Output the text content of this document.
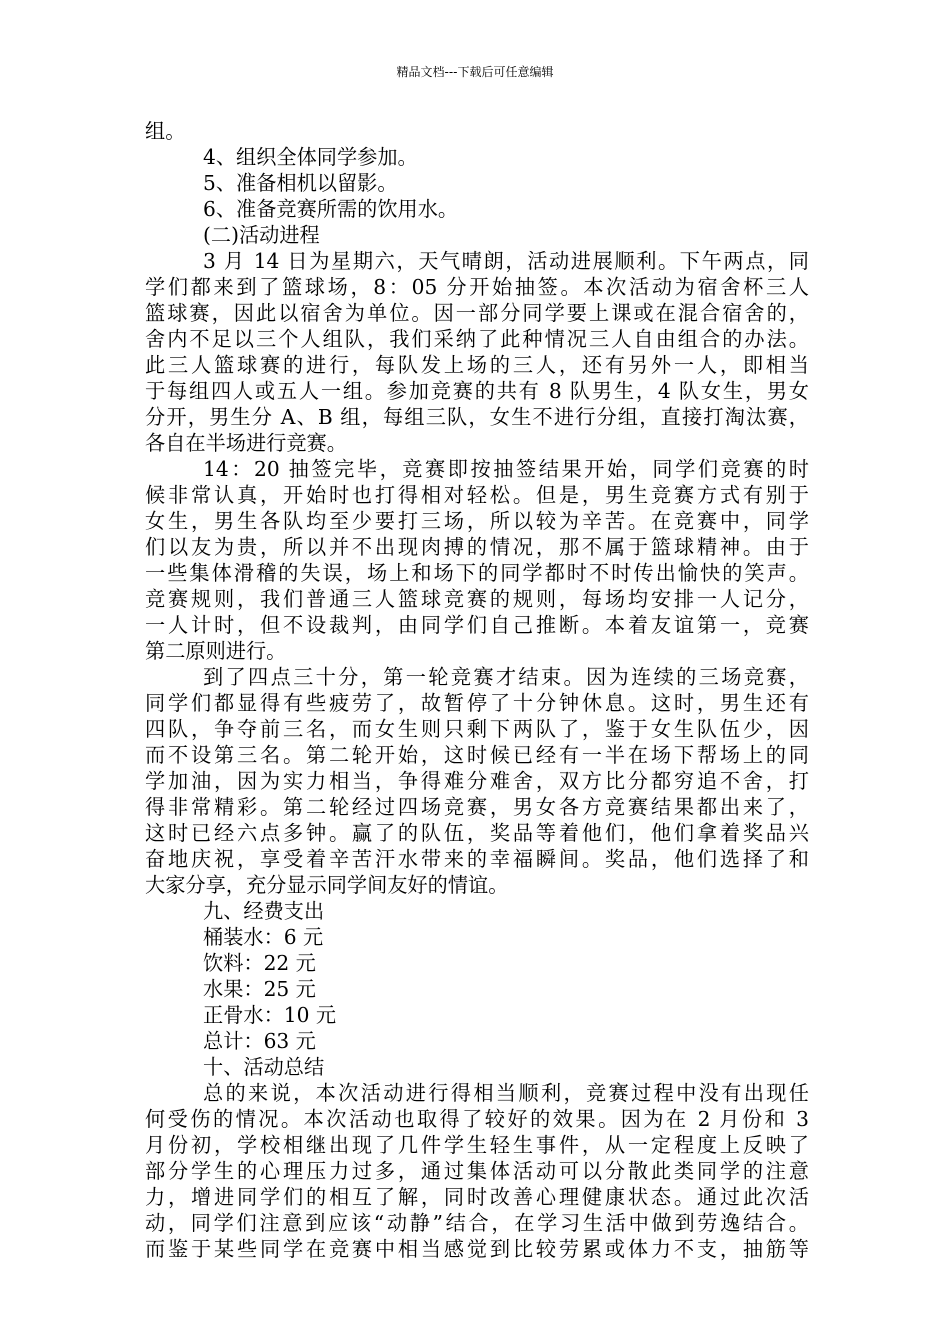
精品文档---下载后可任意编辑
组。
4、组织全体同学参加。
5、准备相机以留影。
6、准备竞赛所需的饮用水。
(二)活动进程
3 月 14 日为星期六，天气晴朗，活动进展顺利。下午两点，同
学们都来到了篮球场，8：05 分开始抽签。本次活动为宿舍杯三人
篮球赛，因此以宿舍为单位。因一部分同学要上课或在混合宿舍的，
舍内不足以三个人组队，我们采纳了此种情况三人自由组合的办法。
此三人篮球赛的进行，每队发上场的三人，还有另外一人，即相当
于每组四人或五人一组。参加竞赛的共有 8 队男生，4 队女生，男女
分开，男生分 A、B 组，每组三队，女生不进行分组，直接打淘汰赛，
各自在半场进行竞赛。
14：20 抽签完毕，竞赛即按抽签结果开始，同学们竞赛的时
候非常认真，开始时也打得相对轻松。但是，男生竞赛方式有别于
女生，男生各队均至少要打三场，所以较为辛苦。在竞赛中，同学
们以友为贵，所以并不出现肉搏的情况，那不属于篮球精神。由于
一些集体滑稽的失误，场上和场下的同学都时不时传出愉快的笑声。
竞赛规则，我们普通三人篮球竞赛的规则，每场均安排一人记分，
一人计时，但不设裁判，由同学们自己推断。本着友谊第一，竞赛
第二原则进行。
到了四点三十分，第一轮竞赛才结束。因为连续的三场竞赛，
同学们都显得有些疲劳了，故暂停了十分钟休息。这时，男生还有
四队，争夺前三名，而女生则只剩下两队了，鉴于女生队伍少，因
而不设第三名。第二轮开始，这时候已经有一半在场下帮场上的同
学加油，因为实力相当，争得难分难舍，双方比分都穷追不舍，打
得非常精彩。第二轮经过四场竞赛，男女各方竞赛结果都出来了，
这时已经六点多钟。赢了的队伍，奖品等着他们，他们拿着奖品兴
奋地庆祝，享受着辛苦汗水带来的幸福瞬间。奖品，他们选择了和
大家分享，充分显示同学间友好的情谊。
九、经费支出
桶装水：6 元
饮料：22 元
水果：25 元
正骨水：10 元
总计：63 元
十、活动总结
总的来说，本次活动进行得相当顺利，竞赛过程中没有出现任
何受伤的情况。本次活动也取得了较好的效果。因为在 2 月份和 3
月份初，学校相继出现了几件学生轻生事件，从一定程度上反映了
部分学生的心理压力过多，通过集体活动可以分散此类同学的注意
力，增进同学们的相互了解，同时改善心理健康状态。通过此次活
动，同学们注意到应该“动静”结合，在学习生活中做到劳逸结合。
而鉴于某些同学在竞赛中相当感觉到比较劳累或体力不支，抽筋等
